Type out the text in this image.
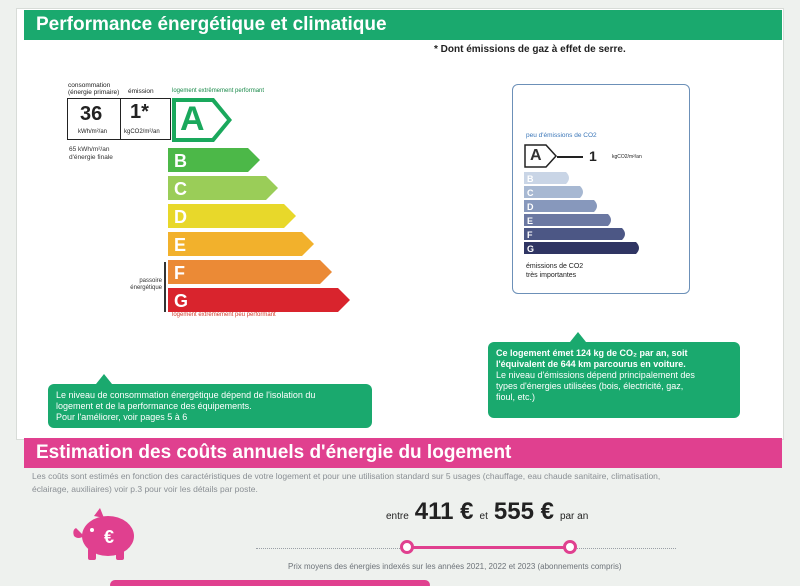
Performance énergétique et climatique
* Dont émissions de gaz à effet de serre.
consommation (énergie primaire)	émission	logement extrêmement performant
36
kWh/m²/an
1*
kgCO2/m²/an
65 kWh/m²/an d'énergie finale
A
B
C
D
E
F
G
passoire énergétique
logement extrêmement peu performant
peu d'émissions de CO2
A	1	kgCO2/m²/an
B
C
D
E
F
G
émissions de CO2
très importantes
Le niveau de consommation énergétique dépend de l'isolation du
logement et de la performance des équipements.
Pour l'améliorer, voir pages 5 à 6
Ce logement émet 124 kg de CO₂ par an, soit
l'équivalent de 644 km parcourus en voiture.
Le niveau d'émissions dépend principalement des
types d'énergies utilisées (bois, électricité, gaz,
fioul, etc.)
Estimation des coûts annuels d'énergie du logement
Les coûts sont estimés en fonction des caractéristiques de votre logement et pour une utilisation standard sur 5 usages (chauffage, eau chaude sanitaire, climatisation,
éclairage, auxiliaires) voir p.3 pour voir les détails par poste.
€
entre 411 € et 555 € par an
Prix moyens des énergies indexés sur les années 2021, 2022 et 2023 (abonnements compris)
